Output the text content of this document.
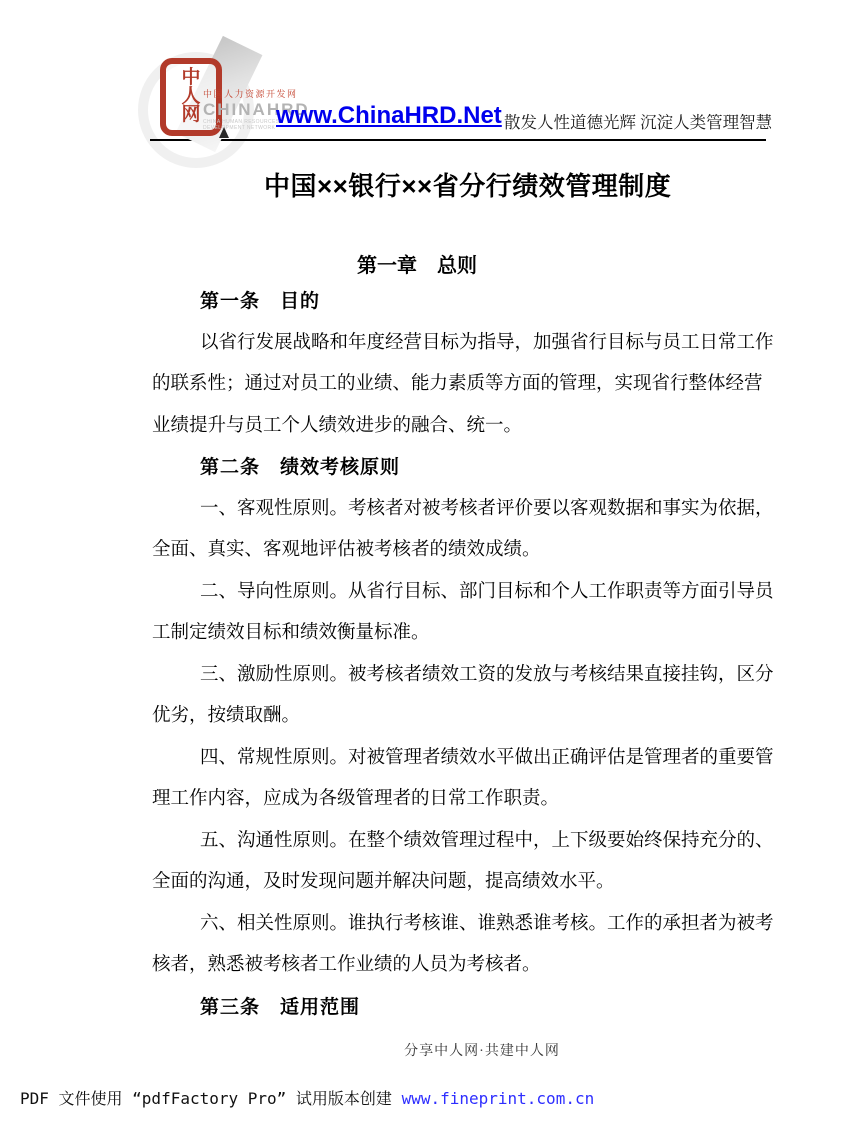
中
人
网
中国人力资源开发网
CHINAHRD
CHINA HUMAN RESOURCES
DEVELOPMENT NETWORK www.ChinaHRD.Net 散发人性道德光辉 沉淀人类管理智慧
中国××银行××省分行绩效管理制度
第一章　总则
第一条　目的
以省行发展战略和年度经营目标为指导，加强省行目标与员工日常工作
的联系性；通过对员工的业绩、能力素质等方面的管理，实现省行整体经营
业绩提升与员工个人绩效进步的融合、统一。
第二条　绩效考核原则
一、客观性原则。考核者对被考核者评价要以客观数据和事实为依据，
全面、真实、客观地评估被考核者的绩效成绩。
二、导向性原则。从省行目标、部门目标和个人工作职责等方面引导员
工制定绩效目标和绩效衡量标准。
三、激励性原则。被考核者绩效工资的发放与考核结果直接挂钩，区分
优劣，按绩取酬。
四、常规性原则。对被管理者绩效水平做出正确评估是管理者的重要管
理工作内容，应成为各级管理者的日常工作职责。
五、沟通性原则。在整个绩效管理过程中，上下级要始终保持充分的、
全面的沟通，及时发现问题并解决问题，提高绩效水平。
六、相关性原则。谁执行考核谁、谁熟悉谁考核。工作的承担者为被考
核者，熟悉被考核者工作业绩的人员为考核者。
第三条　适用范围
分享中人网·共建中人网
PDF 文件使用 “pdfFactory Pro” 试用版本创建 www.fineprint.com.cn
